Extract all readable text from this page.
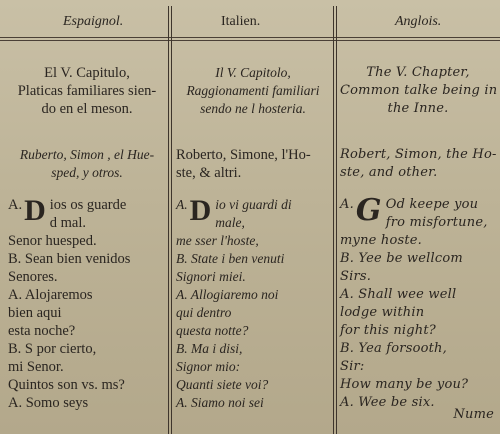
Espaignol.
El V. Capitulo,
Platicas familiares sien-
do en el meson.
Ruberto, Simon , el Hue-
sped, y otros.
A. D ios os guarde
d mal.
Senor huesped.
B. Sean bien venidos
Senores.
A. Alojaremos
bien aqui
esta noche?
B. S por cierto,
mi Senor.
Quintos son vs. ms?
A. Somo seys
Italien.
Il V. Capitolo,
Raggionamenti familiari
sendo ne l hosteria.
Roberto, Simone, l'Ho-
ste, & altri.
A. D io vi guardi di
male,
me sser l'hoste,
B. State i ben venuti
Signori miei.
A. Allogiaremo noi
qui dentro
questa notte?
B. Ma i disi,
Signor mio:
Quanti siete voi?
A. Siamo noi sei
Anglois.
The V. Chapter,
Common talke being in
the Inne.
Robert, Simon, the Ho-
ste, and other.
A. G Od keepe you
fro misfortune,
myne hoste.
B. Yee be wellcom
Sirs.
A. Shall wee well
lodge within
for this night?
B. Yea forsooth,
Sir:
How many be you?
A. Wee be six.
Nume
